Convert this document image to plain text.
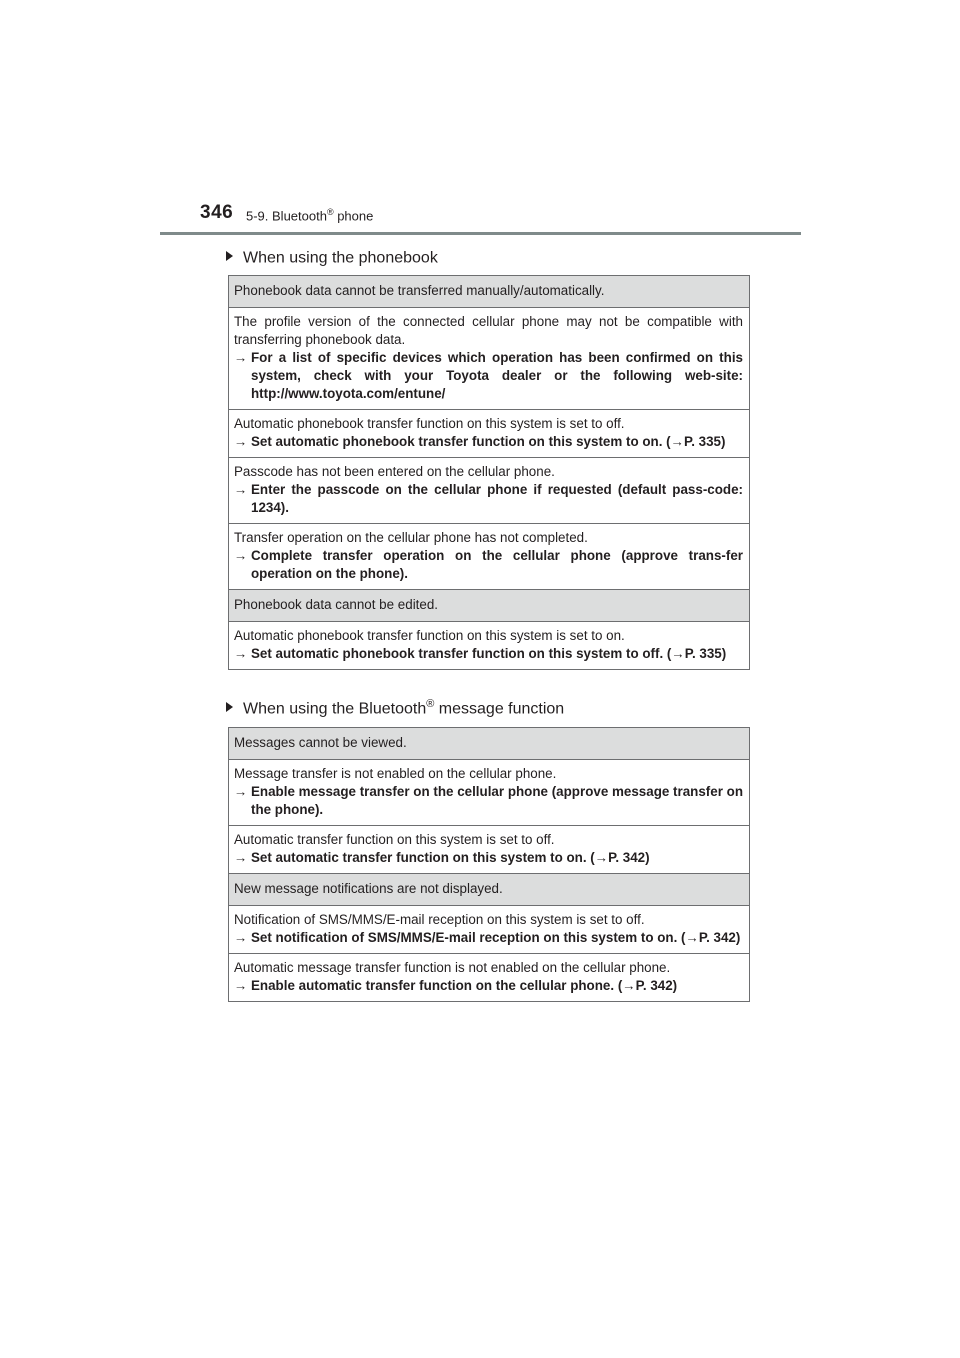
346 5-9. Bluetooth® phone
When using the phonebook
Phonebook data cannot be transferred manually/automatically.

The profile version of the connected cellular phone may not be compatible with transferring phonebook data.
→ For a list of specific devices which operation has been confirmed on this system, check with your Toyota dealer or the following web-site: http://www.toyota.com/entune/

Automatic phonebook transfer function on this system is set to off.
→ Set automatic phonebook transfer function on this system to on. (→P. 335)

Passcode has not been entered on the cellular phone.
→ Enter the passcode on the cellular phone if requested (default pass-code: 1234).

Transfer operation on the cellular phone has not completed.
→ Complete transfer operation on the cellular phone (approve trans-fer operation on the phone).

Phonebook data cannot be edited.

Automatic phonebook transfer function on this system is set to on.
→ Set automatic phonebook transfer function on this system to off. (→P. 335)
When using the Bluetooth® message function
Messages cannot be viewed.

Message transfer is not enabled on the cellular phone.
→ Enable message transfer on the cellular phone (approve message transfer on the phone).

Automatic transfer function on this system is set to off.
→ Set automatic transfer function on this system to on. (→P. 342)

New message notifications are not displayed.

Notification of SMS/MMS/E-mail reception on this system is set to off.
→ Set notification of SMS/MMS/E-mail reception on this system to on. (→P. 342)

Automatic message transfer function is not enabled on the cellular phone.
→ Enable automatic transfer function on the cellular phone. (→P. 342)
